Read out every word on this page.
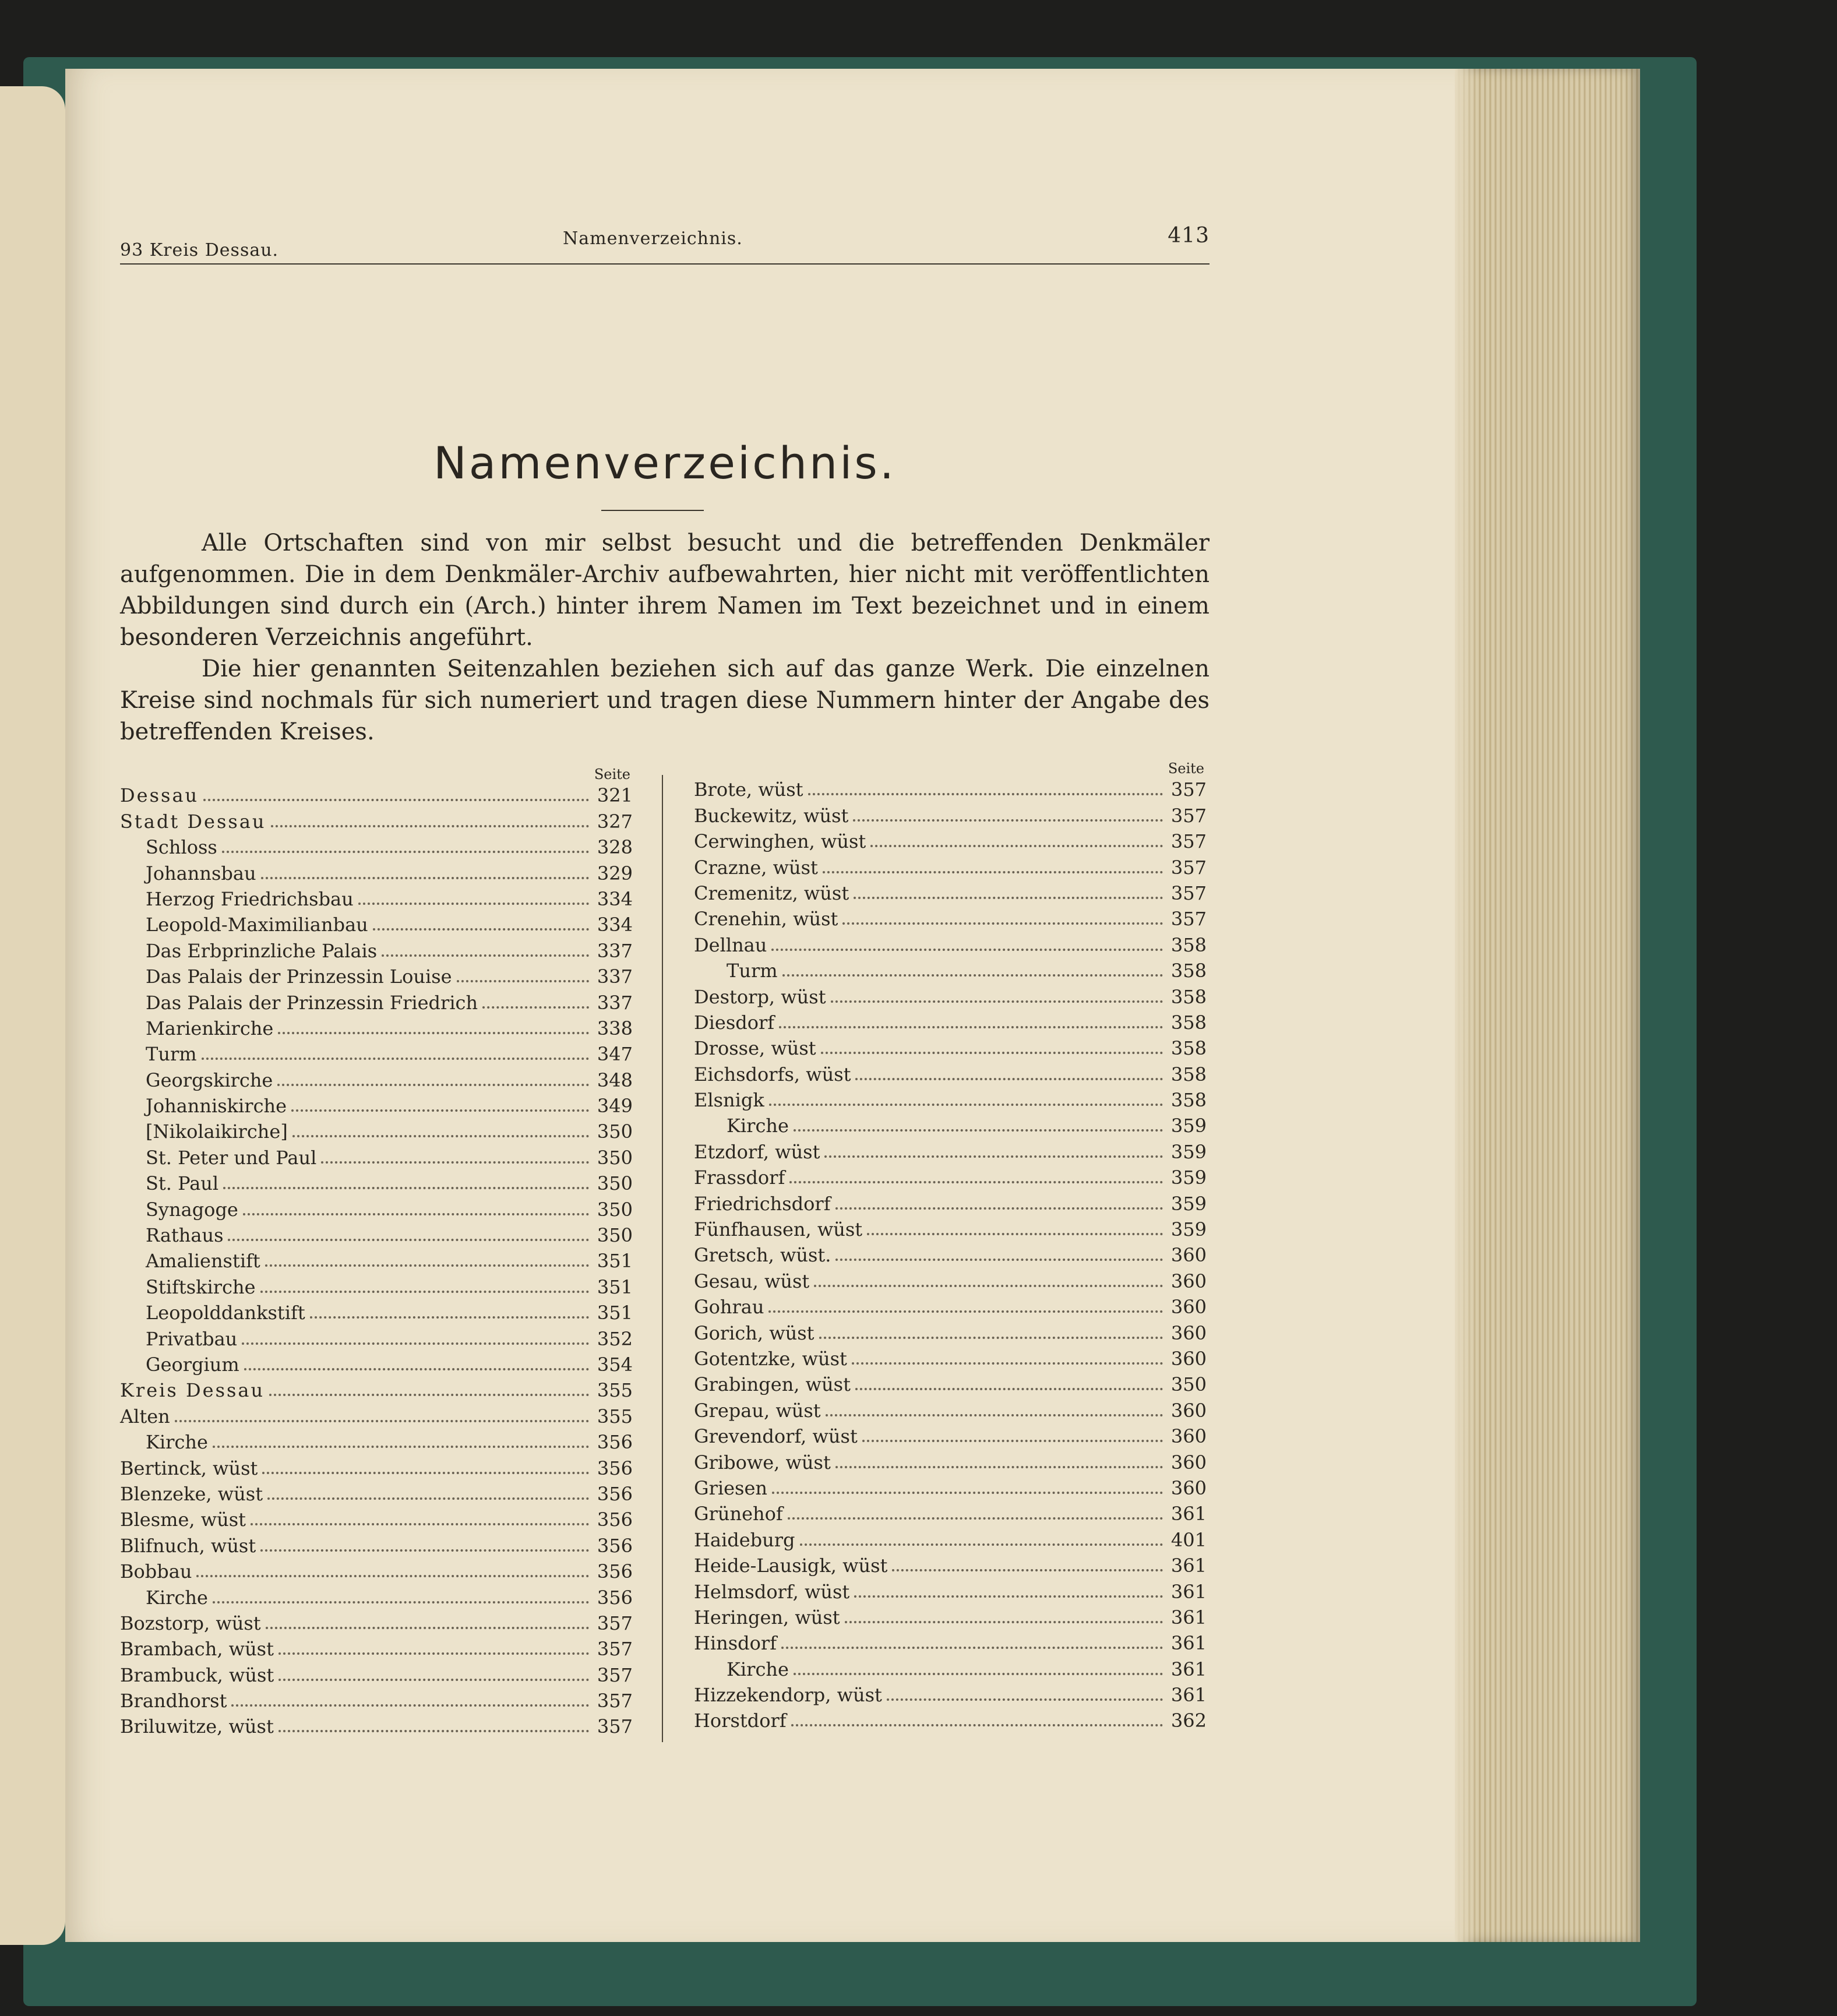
93 Kreis Dessau.
Namenverzeichnis.	413
Namenverzeichnis.

Alle Ortschaften sind von mir selbst besucht und die betreffenden Denkmäler aufgenommen. Die in dem Denkmäler-Archiv aufbewahrten, hier nicht mit veröffentlichten Abbildungen sind durch ein (Arch.) hinter ihrem Namen im Text bezeichnet und in einem besonderen Verzeichnis angeführt.

Die hier genannten Seitenzahlen beziehen sich auf das ganze Werk. Die einzelnen Kreise sind nochmals für sich numeriert und tragen diese Nummern hinter der Angabe des betreffenden Kreises.

Seite
Dessau	321
Stadt Dessau	327
Schloss	328
Johannsbau	329
Herzog Friedrichsbau	334
Leopold-Maximilianbau	334
Das Erbprinzliche Palais	337
Das Palais der Prinzessin Louise	337
Das Palais der Prinzessin Friedrich	337
Marienkirche	338
Turm	347
Georgskirche	348
Johanniskirche	349
[Nikolaikirche]	350
St. Peter und Paul	350
St. Paul	350
Synagoge	350
Rathaus	350
Amalienstift	351
Stiftskirche	351
Leopolddankstift	351
Privatbau	352
Georgium	354
Kreis Dessau	355
Alten	355
Kirche	356
Bertinck, wüst	356
Blenzeke, wüst	356
Blesme, wüst	356
Blifnuch, wüst	356
Bobbau	356
Kirche	356
Bozstorp, wüst	357
Brambach, wüst	357
Brambuck, wüst	357
Brandhorst	357
Briluwitze, wüst	357
Seite
Brote, wüst	357
Buckewitz, wüst	357
Cerwinghen, wüst	357
Crazne, wüst	357
Cremenitz, wüst	357
Crenehin, wüst	357
Dellnau	358
Turm	358
Destorp, wüst	358
Diesdorf	358
Drosse, wüst	358
Eichsdorfs, wüst	358
Elsnigk	358
Kirche	359
Etzdorf, wüst	359
Frassdorf	359
Friedrichsdorf	359
Fünfhausen, wüst	359
Gretsch, wüst.	360
Gesau, wüst	360
Gohrau	360
Gorich, wüst	360
Gotentzke, wüst	360
Grabingen, wüst	350
Grepau, wüst	360
Grevendorf, wüst	360
Gribowe, wüst	360
Griesen	360
Grünehof	361
Haideburg	401
Heide-Lausigk, wüst	361
Helmsdorf, wüst	361
Heringen, wüst	361
Hinsdorf	361
Kirche	361
Hizzekendorp, wüst	361
Horstdorf	362
